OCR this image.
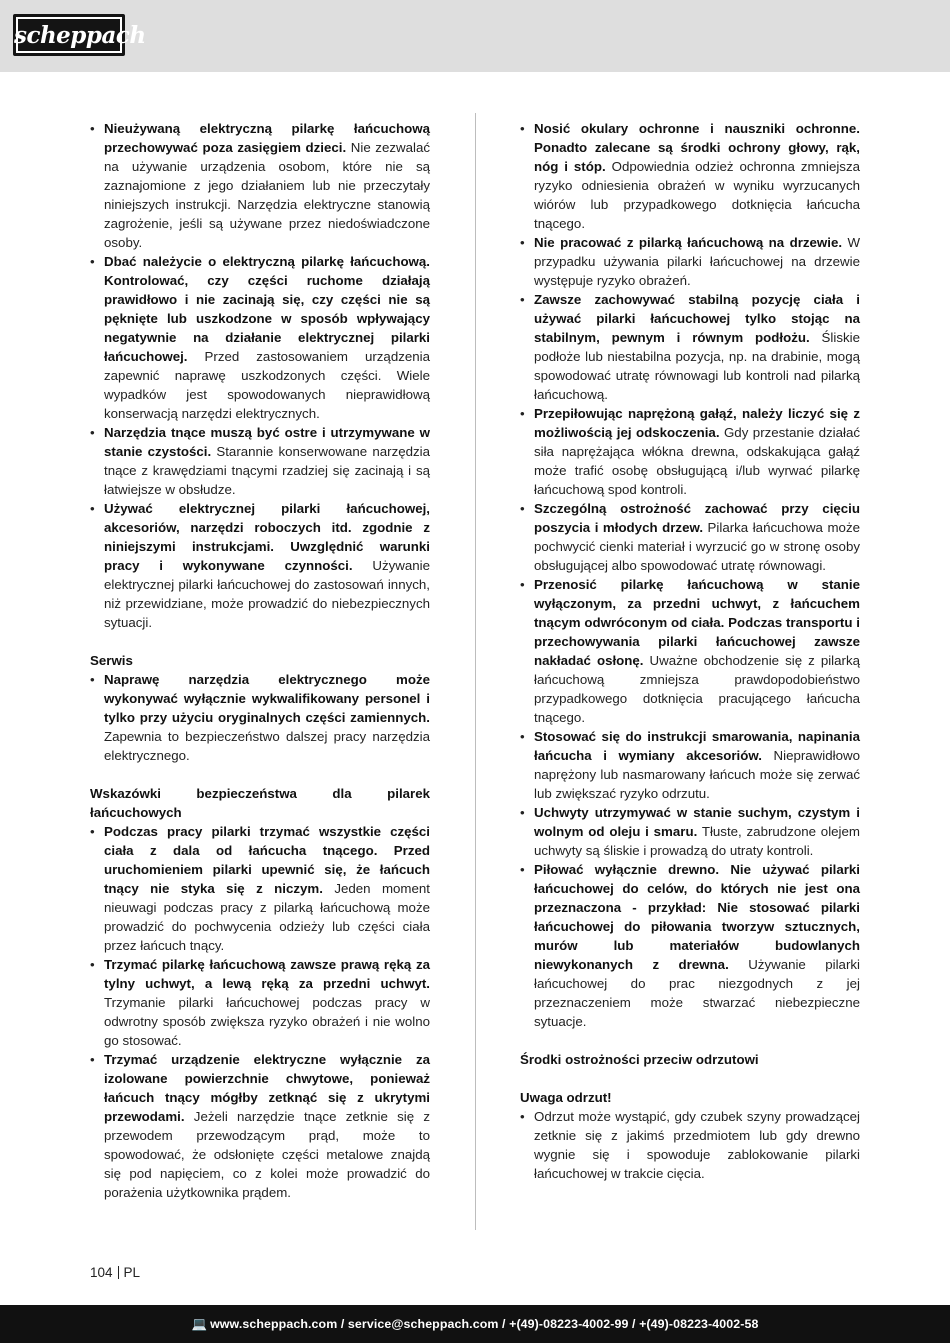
scheppach
• Nieużywaną elektryczną pilarkę łańcuchową przechowywać poza zasięgiem dzieci. Nie zezwalać na używanie urządzenia osobom, które nie są zaznajomione z jego działaniem lub nie przeczytały niniejszych instrukcji. Narzędzia elektryczne stanowią zagrożenie, jeśli są używane przez niedoświadczone osoby.
• Dbać należycie o elektryczną pilarkę łańcuchową. Kontrolować, czy części ruchome działają prawidłowo i nie zacinają się, czy części nie są pęknięte lub uszkodzone w sposób wpływający negatywnie na działanie elektrycznej pilarki łańcuchowej. Przed zastosowaniem urządzenia zapewnić naprawę uszkodzonych części. Wiele wypadków jest spowodowanych nieprawidłową konserwacją narzędzi elektrycznych.
• Narzędzia tnące muszą być ostre i utrzymywane w stanie czystości. Starannie konserwowane narzędzia tnące z krawędziami tnącymi rzadziej się zacinają i są łatwiejsze w obsłudze.
• Używać elektrycznej pilarki łańcuchowej, akcesoriów, narzędzi roboczych itd. zgodnie z niniejszymi instrukcjami. Uwzględnić warunki pracy i wykonywane czynności. Używanie elektrycznej pilarki łańcuchowej do zastosowań innych, niż przewidziane, może prowadzić do niebezpiecznych sytuacji.

Serwis

• Naprawę narzędzia elektrycznego może wykonywać wyłącznie wykwalifikowany personel i tylko przy użyciu oryginalnych części zamiennych. Zapewnia to bezpieczeństwo dalszej pracy narzędzia elektrycznego.

Wskazówki bezpieczeństwa dla pilarek

łańcuchowych

• Podczas pracy pilarki trzymać wszystkie części ciała z dala od łańcucha tnącego. Przed uruchomieniem pilarki upewnić się, że łańcuch tnący nie styka się z niczym. Jeden moment nieuwagi podczas pracy z pilarką łańcuchową może prowadzić do pochwycenia odzieży lub części ciała przez łańcuch tnący.
• Trzymać pilarkę łańcuchową zawsze prawą ręką za tylny uchwyt, a lewą ręką za przedni uchwyt. Trzymanie pilarki łańcuchowej podczas pracy w odwrotny sposób zwiększa ryzyko obrażeń i nie wolno go stosować.
• Trzymać urządzenie elektryczne wyłącznie za izolowane powierzchnie chwytowe, ponieważ łańcuch tnący mógłby zetknąć się z ukrytymi przewodami. Jeżeli narzędzie tnące zetknie się z przewodem przewodzącym prąd, może to spowodować, że odsłonięte części metalowe znajdą się pod napięciem, co z kolei może prowadzić do porażenia użytkownika prądem.
• Nosić okulary ochronne i nauszniki ochronne. Ponadto zalecane są środki ochrony głowy, rąk, nóg i stóp. Odpowiednia odzież ochronna zmniejsza ryzyko odniesienia obrażeń w wyniku wyrzucanych wiórów lub przypadkowego dotknięcia łańcucha tnącego.
• Nie pracować z pilarką łańcuchową na drzewie. W przypadku używania pilarki łańcuchowej na drzewie występuje ryzyko obrażeń.
• Zawsze zachowywać stabilną pozycję ciała i używać pilarki łańcuchowej tylko stojąc na stabilnym, pewnym i równym podłożu. Śliskie podłoże lub niestabilna pozycja, np. na drabinie, mogą spowodować utratę równowagi lub kontroli nad pilarką łańcuchową.
• Przepiłowując naprężoną gałąź, należy liczyć się z możliwością jej odskoczenia. Gdy przestanie działać siła naprężająca włókna drewna, odskakująca gałąź może trafić osobę obsługującą i/lub wyrwać pilarkę łańcuchową spod kontroli.
• Szczególną ostrożność zachować przy cięciu poszycia i młodych drzew. Pilarka łańcuchowa może pochwycić cienki materiał i wyrzucić go w stronę osoby obsługującej albo spowodować utratę równowagi.
• Przenosić pilarkę łańcuchową w stanie wyłączonym, za przedni uchwyt, z łańcuchem tnącym odwróconym od ciała. Podczas transportu i przechowywania pilarki łańcuchowej zawsze nakładać osłonę. Uważne obchodzenie się z pilarką łańcuchową zmniejsza prawdopodobieństwo przypadkowego dotknięcia pracującego łańcucha tnącego.
• Stosować się do instrukcji smarowania, napinania łańcucha i wymiany akcesoriów. Nieprawidłowo naprężony lub nasmarowany łańcuch może się zerwać lub zwiększać ryzyko odrzutu.
• Uchwyty utrzymywać w stanie suchym, czystym i wolnym od oleju i smaru. Tłuste, zabrudzone olejem uchwyty są śliskie i prowadzą do utraty kontroli.
• Piłować wyłącznie drewno. Nie używać pilarki łańcuchowej do celów, do których nie jest ona przeznaczona - przykład: Nie stosować pilarki łańcuchowej do piłowania tworzyw sztucznych, murów lub materiałów budowlanych niewykonanych z drewna. Używanie pilarki łańcuchowej do prac niezgodnych z jej przeznaczeniem może stwarzać niebezpieczne sytuacje.

Środki ostrożności przeciw odrzutowi

Uwaga odrzut!

• Odrzut może wystąpić, gdy czubek szyny prowadzącej zetknie się z jakimś przedmiotem lub gdy drewno wygnie się i spowoduje zablokowanie pilarki łańcuchowej w trakcie cięcia.
104 PL
💻 www.scheppach.com / service@scheppach.com / +(49)-08223-4002-99 / +(49)-08223-4002-58
